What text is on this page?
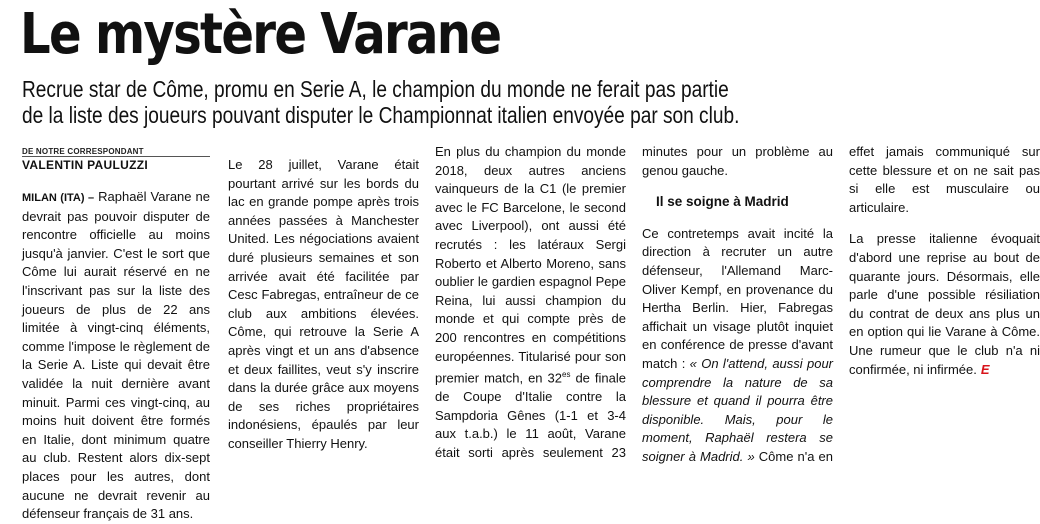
Le mystère Varane
Recrue star de Côme, promu en Serie A, le champion du monde ne ferait pas partie
de la liste des joueurs pouvant disputer le Championnat italien envoyée par son club.
DE NOTRE CORRESPONDANT
VALENTIN PAULUZZI

MILAN (ITA) – Raphaël Varane ne devrait pas pouvoir disputer de rencontre officielle au moins jusqu'à janvier. C'est le sort que Côme lui aurait réservé en ne l'inscrivant pas sur la liste des joueurs de plus de 22 ans limitée à vingt-cinq éléments, comme l'impose le règlement de la Serie A. Liste qui devait être validée la nuit dernière avant minuit. Parmi ces vingt-cinq, au moins huit doivent être formés en Italie, dont minimum quatre au club. Restent alors dix-sept places pour les autres, dont aucune ne devrait revenir au défenseur français de 31 ans.

Le 28 juillet, Varane était pourtant arrivé sur les bords du lac en grande pompe après trois années passées à Manchester United. Les négociations avaient duré plusieurs semaines et son arrivée avait été facilitée par Cesc Fabregas, entraîneur de ce club aux ambitions élevées. Côme, qui retrouve la Serie A après vingt et un ans d'absence et deux faillites, veut s'y inscrire dans la durée grâce aux moyens de ses riches propriétaires indonésiens, épaulés par leur conseiller Thierry Henry.

En plus du champion du monde 2018, deux autres anciens vainqueurs de la C1 (le premier avec le FC Barcelone, le second avec Liverpool), ont aussi été recrutés : les latéraux Sergi Roberto et Alberto Moreno, sans oublier le gardien espagnol Pepe Reina, lui aussi champion du monde et qui compte près de 200 rencontres en compétitions européennes. Titularisé pour son premier match, en $32^{es}$ de finale de Coupe d'Italie contre la Sampdoria Gênes (1-1 et 3-4 aux t.a.b.) le 11 août, Varane était sorti après seulement 23 minutes pour un problème au genou gauche.

Il se soigne à Madrid

Ce contretemps avait incité la direction à recruter un autre défenseur, l'Allemand Marc-Oliver Kempf, en provenance du Hertha Berlin. Hier, Fabregas affichait un visage plutôt inquiet en conférence de presse d'avant match : « On l'attend, aussi pour comprendre la nature de sa blessure et quand il pourra être disponible. Mais, pour le moment, Raphaël restera se soigner à Madrid. » Côme n'a en effet jamais communiqué sur cette blessure et on ne sait pas si elle est musculaire ou articulaire.

La presse italienne évoquait d'abord une reprise au bout de quarante jours. Désormais, elle parle d'une possible résiliation du contrat de deux ans plus un en option qui lie Varane à Côme. Une rumeur que le club n'a ni confirmée, ni infirmée. E
